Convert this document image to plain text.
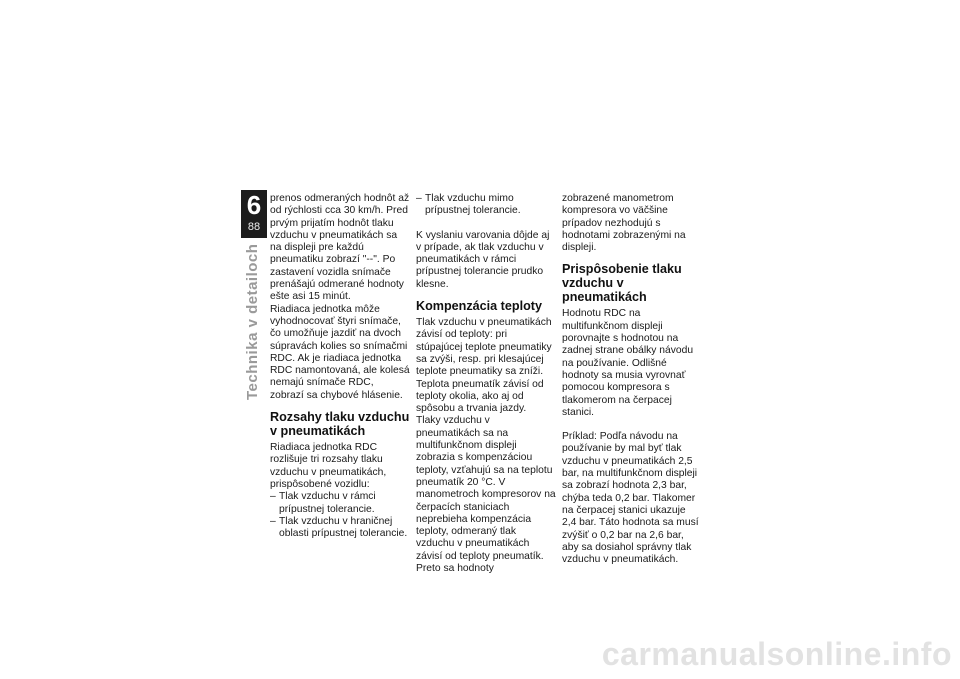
6
88
Technika v detailoch

prenos odmeraných hodnôt až od rýchlosti cca 30 km/h. Pred prvým prijatím hodnôt tlaku vzduchu v pneumatikách sa na displeji pre každú pneumatiku zobrazí "--". Po zastavení vozidla snímače prenášajú odmerané hodnoty ešte asi 15 minút.

Riadiaca jednotka môže vyhodnocovať štyri snímače, čo umožňuje jazdiť na dvoch súpravách kolies so snímačmi RDC. Ak je riadiaca jednotka RDC namontovaná, ale kolesá nemajú snímače RDC, zobrazí sa chybové hlásenie.

Rozsahy tlaku vzduchu v pneumatikách

Riadiaca jednotka RDC rozlišuje tri rozsahy tlaku vzduchu v pneumatikách, prispôsobené vozidlu:

– Tlak vzduchu v rámci prípustnej tolerancie.
– Tlak vzduchu v hraničnej oblasti prípustnej tolerancie.
– Tlak vzduchu mimo prípustnej tolerancie.

K vyslaniu varovania dôjde aj v prípade, ak tlak vzduchu v pneumatikách v rámci prípustnej tolerancie prudko klesne.

Kompenzácia teploty

Tlak vzduchu v pneumatikách závisí od teploty: pri stúpajúcej teplote pneumatiky sa zvýši, resp. pri klesajúcej teplote pneumatiky sa zníži. Teplota pneumatík závisí od teploty okolia, ako aj od spôsobu a trvania jazdy.

Tlaky vzduchu v pneumatikách sa na multifunkčnom displeji zobrazia s kompenzáciou teploty, vzťahujú sa na teplotu pneumatík 20 °C. V manometroch kompresorov na čerpacích staniciach neprebieha kompenzácia teploty, odmeraný tlak vzduchu v pneumatikách závisí od teploty pneumatík. Preto sa hodnoty

zobrazené manometrom kompresora vo väčšine prípadov nezhodujú s hodnotami zobrazenými na displeji.

Prispôsobenie tlaku vzduchu v pneumatikách

Hodnotu RDC na multifunkčnom displeji porovnajte s hodnotou na zadnej strane obálky návodu na používanie. Odlišné hodnoty sa musia vyrovnať pomocou kompresora s tlakomerom na čerpacej stanici.

Príklad: Podľa návodu na používanie by mal byť tlak vzduchu v pneumatikách 2,5 bar, na multifunkčnom displeji sa zobrazí hodnota 2,3 bar, chýba teda 0,2 bar. Tlakomer na čerpacej stanici ukazuje 2,4 bar. Táto hodnota sa musí zvýšiť o 0,2 bar na 2,6 bar, aby sa dosiahol správny tlak vzduchu v pneumatikách.

carmanualsonline.info
